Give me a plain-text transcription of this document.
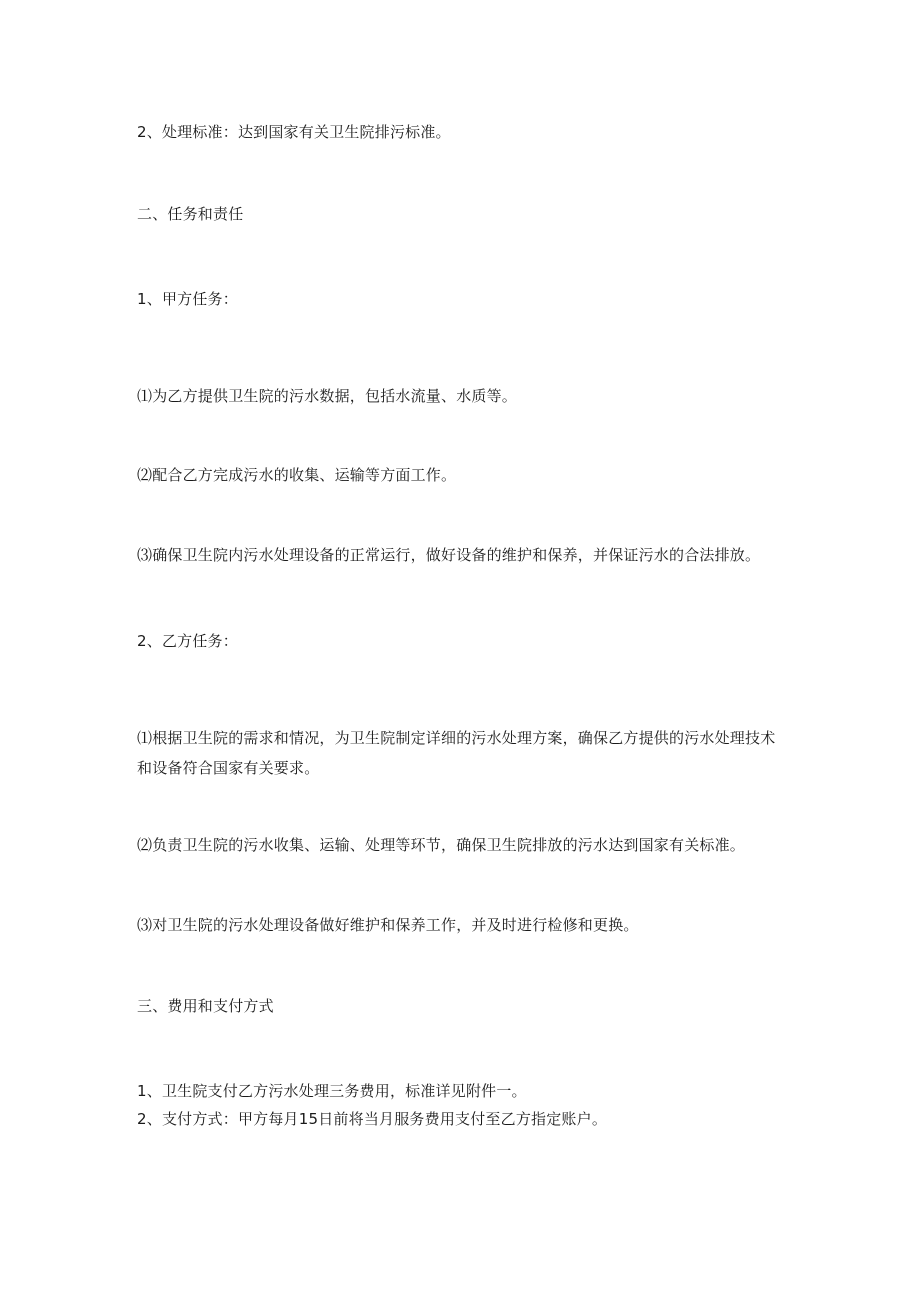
2、处理标准：达到国家有关卫生院排污标准。
二、任务和责任
1、甲方任务：
⑴为乙方提供卫生院的污水数据，包括水流量、水质等。
⑵配合乙方完成污水的收集、运输等方面工作。
⑶确保卫生院内污水处理设备的正常运行，做好设备的维护和保养，并保证污水的合法排放。
2、乙方任务：
⑴根据卫生院的需求和情况，为卫生院制定详细的污水处理方案，确保乙方提供的污水处理技术和设备符合国家有关要求。
⑵负责卫生院的污水收集、运输、处理等环节，确保卫生院排放的污水达到国家有关标准。
⑶对卫生院的污水处理设备做好维护和保养工作，并及时进行检修和更换。
三、费用和支付方式
1、卫生院支付乙方污水处理三务费用，标准详见附件一。
2、支付方式：甲方每月15日前将当月服务费用支付至乙方指定账户。
